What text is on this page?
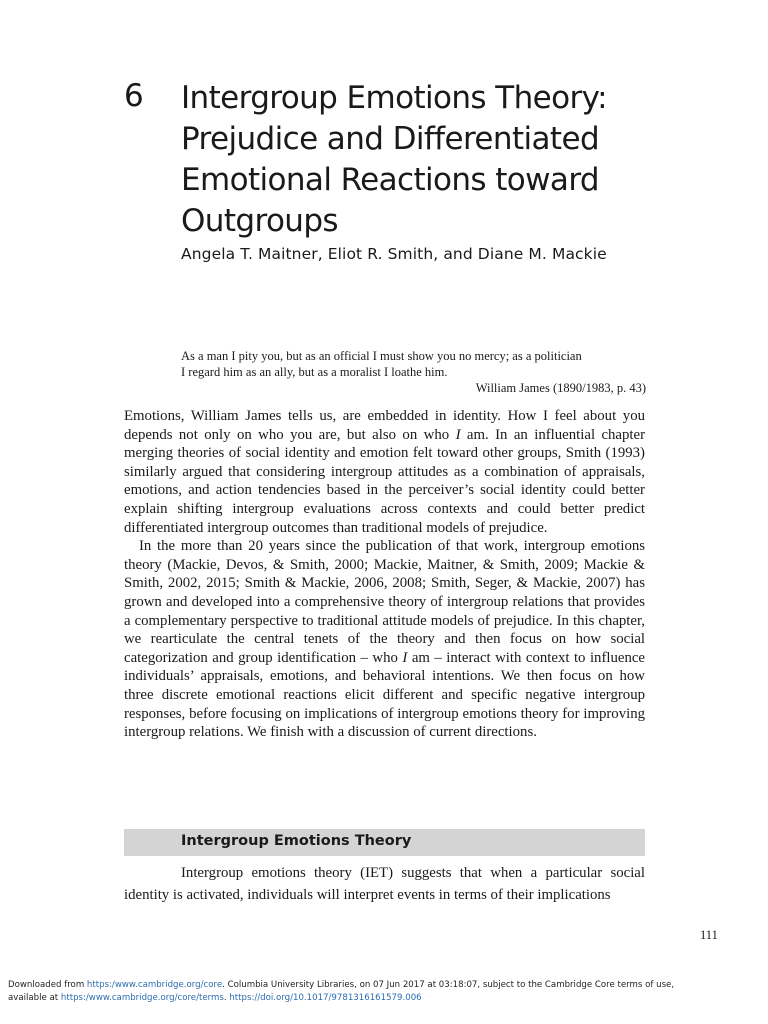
6 Intergroup Emotions Theory:
Prejudice and Differentiated
Emotional Reactions toward
Outgroups
Angela T. Maitner, Eliot R. Smith, and Diane M. Mackie
As a man I pity you, but as an official I must show you no mercy; as a politician
I regard him as an ally, but as a moralist I loathe him.
William James (1890/1983, p. 43)

Emotions, William James tells us, are embedded in identity. How I feel about you depends not only on who you are, but also on who I am. In an influential chapter merging theories of social identity and emotion felt toward other groups, Smith (1993) similarly argued that considering intergroup attitudes as a combination of appraisals, emotions, and action tendencies based in the perceiver’s social identity could better explain shifting intergroup evaluations across contexts and could better predict differentiated intergroup outcomes than traditional models of prejudice.

In the more than 20 years since the publication of that work, intergroup emotions theory (Mackie, Devos, & Smith, 2000; Mackie, Maitner, & Smith, 2009; Mackie & Smith, 2002, 2015; Smith & Mackie, 2006, 2008; Smith, Seger, & Mackie, 2007) has grown and developed into a comprehensive theory of intergroup relations that provides a complementary perspective to traditional attitude models of prejudice. In this chapter, we rearticulate the central tenets of the theory and then focus on how social categorization and group identification – who I am – interact with context to influence individuals’ appraisals, emotions, and behavioral intentions. We then focus on how three discrete emotional reactions elicit different and specific negative intergroup responses, before focusing on implications of intergroup emotions theory for improving intergroup relations. We finish with a discussion of current directions.

Intergroup Emotions Theory

Intergroup emotions theory (IET) suggests that when a particular social identity is activated, individuals will interpret events in terms of their implications

111
Downloaded from https:/www.cambridge.org/core. Columbia University Libraries, on 07 Jun 2017 at 03:18:07, subject to the Cambridge Core terms of use,
available at https:/www.cambridge.org/core/terms. https://doi.org/10.1017/9781316161579.006
